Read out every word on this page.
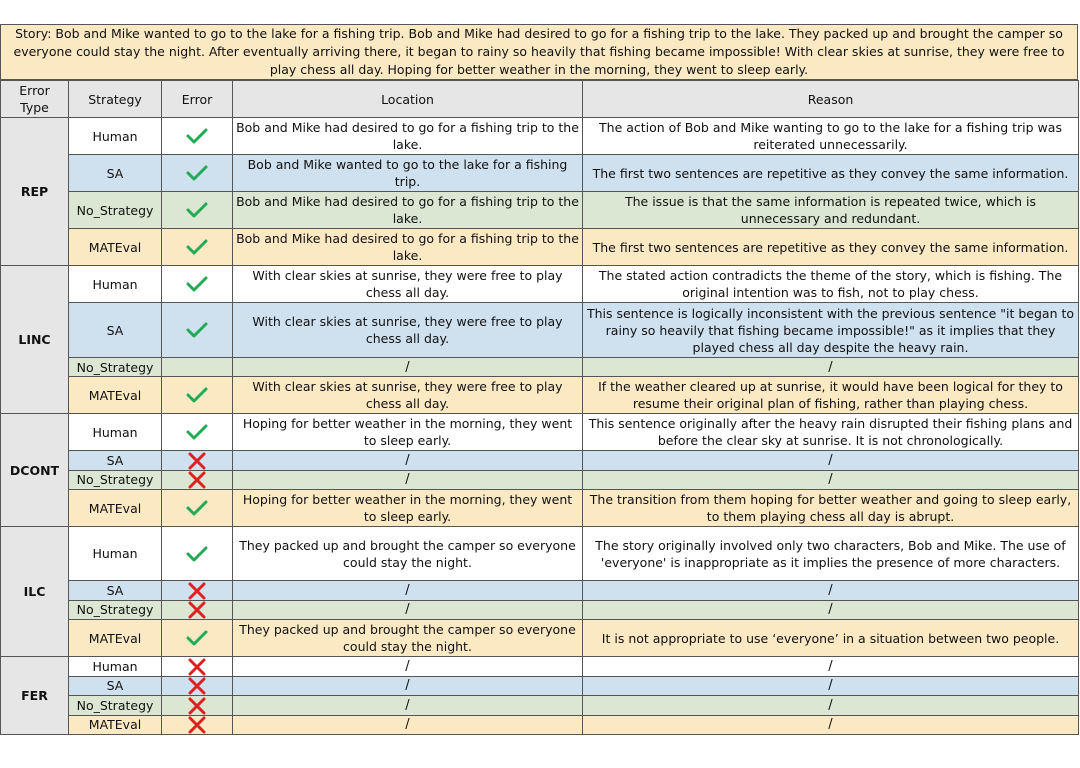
Story: Bob and Mike wanted to go to the lake for a fishing trip. Bob and Mike had desired to go for a fishing trip to the lake. They packed up and brought the camper so everyone could stay the night. After eventually arriving there, it began to rainy so heavily that fishing became impossible! With clear skies at sunrise, they were free to play chess all day. Hoping for better weather in the morning, they went to sleep early.
Error Type	Strategy	Error	Location	Reason
REP	Human		Bob and Mike had desired to go for a fishing trip to the lake.	The action of Bob and Mike wanting to go to the lake for a fishing trip was reiterated unnecessarily.
	SA		Bob and Mike wanted to go to the lake for a fishing trip.	The first two sentences are repetitive as they convey the same information.
	No_Strategy		Bob and Mike had desired to go for a fishing trip to the lake.	The issue is that the same information is repeated twice, which is unnecessary and redundant.
	MATEval		Bob and Mike had desired to go for a fishing trip to the lake.	The first two sentences are repetitive as they convey the same information.
LINC	Human		With clear skies at sunrise, they were free to play chess all day.	The stated action contradicts the theme of the story, which is fishing. The original intention was to fish, not to play chess.
	SA		With clear skies at sunrise, they were free to play chess all day.	This sentence is logically inconsistent with the previous sentence "it began to rainy so heavily that fishing became impossible!" as it implies that they played chess all day despite the heavy rain.
	No_Strategy		/	/
	MATEval		With clear skies at sunrise, they were free to play chess all day.	If the weather cleared up at sunrise, it would have been logical for they to resume their original plan of fishing, rather than playing chess.
DCONT	Human		Hoping for better weather in the morning, they went to sleep early.	This sentence originally after the heavy rain disrupted their fishing plans and before the clear sky at sunrise. It is not chronologically.
	SA		/	/
	No_Strategy		/	/
	MATEval		Hoping for better weather in the morning, they went to sleep early.	The transition from them hoping for better weather and going to sleep early, to them playing chess all day is abrupt.
ILC	Human		They packed up and brought the camper so everyone could stay the night.	The story originally involved only two characters, Bob and Mike. The use of 'everyone' is inappropriate as it implies the presence of more characters.
	SA		/	/
	No_Strategy		/	/
	MATEval		They packed up and brought the camper so everyone could stay the night.	It is not appropriate to use ‘everyone’ in a situation between two people.
FER	Human		/	/
	SA		/	/
	No_Strategy		/	/
	MATEval		/	/
